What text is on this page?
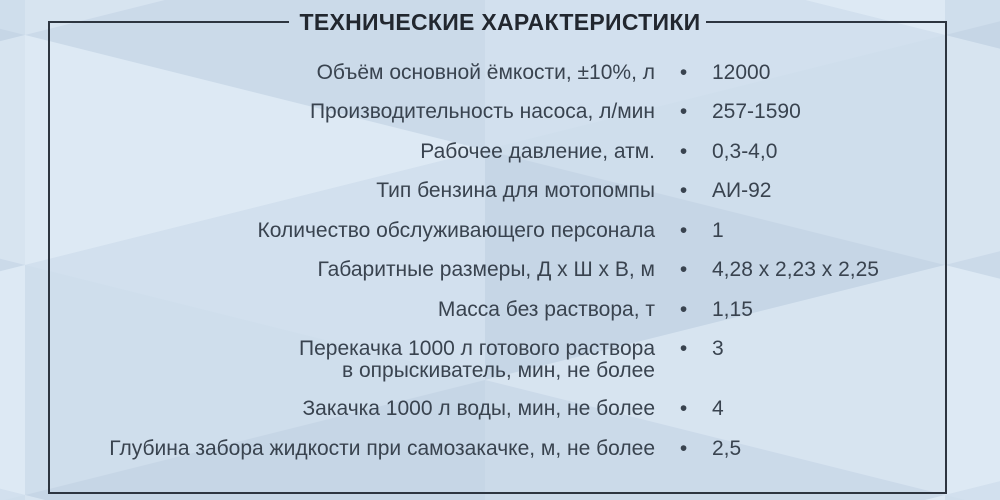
ТЕХНИЧЕСКИЕ ХАРАКТЕРИСТИКИ
Объём основной ёмкости, ±10%, л	•	12000
Производительность насоса, л/мин	•	257-1590
Рабочее давление, атм.	•	0,3-4,0
Тип бензина для мотопомпы	•	АИ-92
Количество обслуживающего персонала	•	1
Габаритные размеры, Д х Ш х В, м	•	4,28 x 2,23 x 2,25
Масса без раствора, т	•	1,15
Перекачка 1000 л готового раствора
в опрыскиватель, мин, не более
•	3
Закачка 1000 л воды, мин, не более	•	4
Глубина забора жидкости при самозакачке, м, не более	•	2,5
